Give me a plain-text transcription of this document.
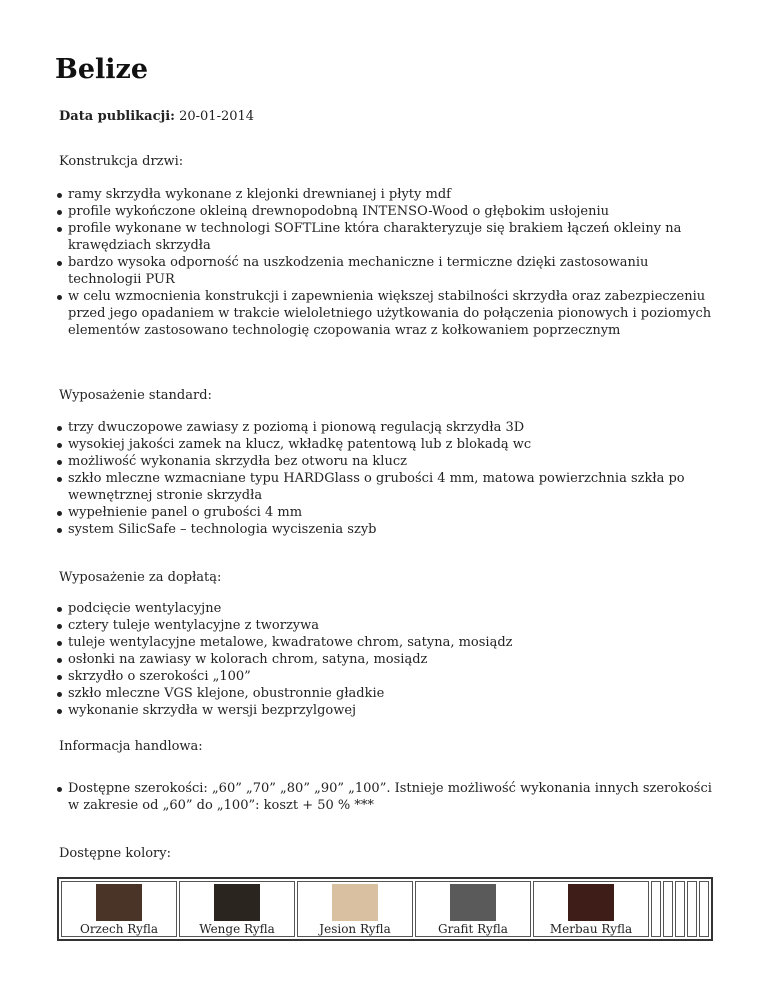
Belize

Data publikacji: 20-01-2014

Konstrukcja drzwi:

ramy skrzydła wykonane z klejonki drewnianej i płyty mdf
profile wykończone okleiną drewnopodobną INTENSO-Wood o głębokim usłojeniu
profile wykonane w technologi SOFTLine która charakteryzuje się brakiem łączeń okleiny na krawędziach skrzydła
bardzo wysoka odporność na uszkodzenia mechaniczne i termiczne dzięki zastosowaniu technologii PUR
w celu wzmocnienia konstrukcji i zapewnienia większej stabilności skrzydła oraz zabezpieczeniu przed jego opadaniem w trakcie wieloletniego użytkowania do połączenia pionowych i poziomych elementów zastosowano technologię czopowania wraz z kołkowaniem poprzecznym

Wyposażenie standard:

trzy dwuczopowe zawiasy z poziomą i pionową regulacją skrzydła 3D
wysokiej jakości zamek na klucz, wkładkę patentową lub z blokadą wc
możliwość wykonania skrzydła bez otworu na klucz
szkło mleczne wzmacniane typu HARDGlass o grubości 4 mm, matowa powierzchnia szkła po wewnętrznej stronie skrzydła
wypełnienie panel o grubości 4 mm
system SilicSafe – technologia wyciszenia szyb

Wyposażenie za dopłatą:

podcięcie wentylacyjne
cztery tuleje wentylacyjne z tworzywa
tuleje wentylacyjne metalowe, kwadratowe chrom, satyna, mosiądz
osłonki na zawiasy w kolorach chrom, satyna, mosiądz
skrzydło o szerokości „100”
szkło mleczne VGS klejone, obustronnie gładkie
wykonanie skrzydła w wersji bezprzylgowej

Informacja handlowa:

Dostępne szerokości: „60” „70” „80” „90” „100”. Istnieje możliwość wykonania innych szerokości w zakresie od „60” do „100”: koszt + 50 % ***

Dostępne kolory:

Orzech Ryfla	Wenge Ryfla	Jesion Ryfla	Grafit Ryfla	Merbau Ryfla
